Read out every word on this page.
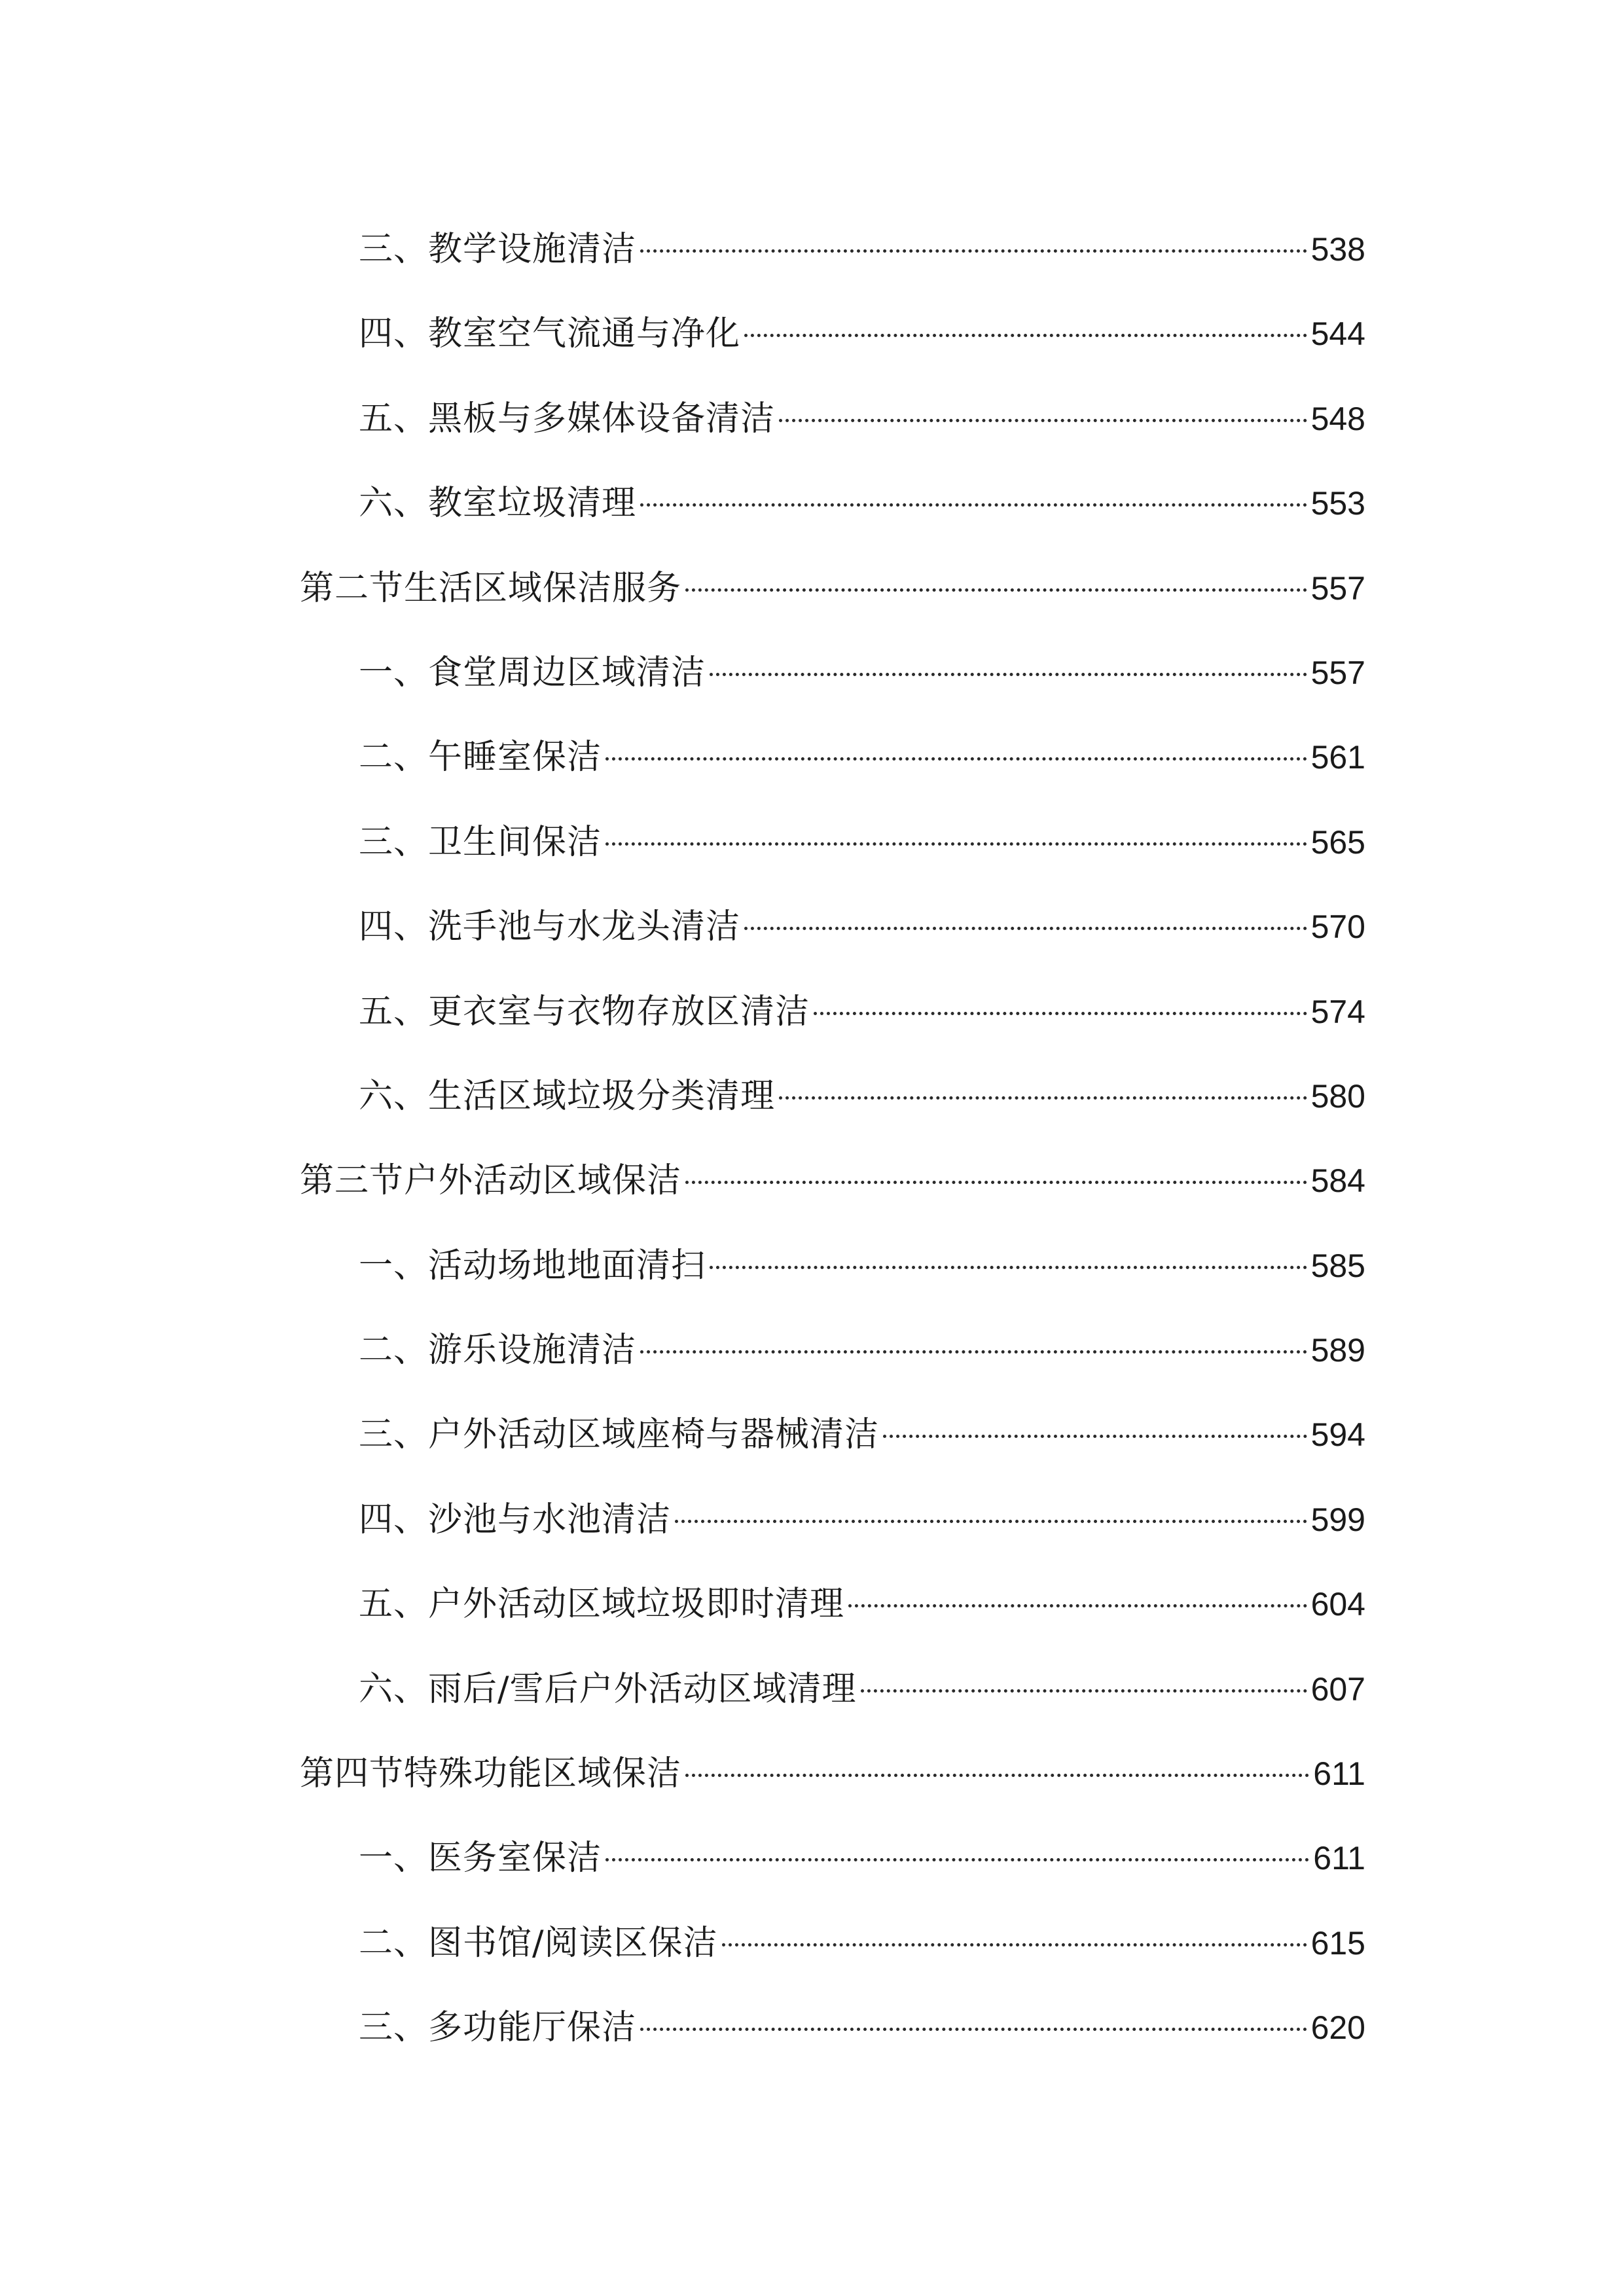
三、教学设施清洁	538
四、教室空气流通与净化	544
五、黑板与多媒体设备清洁	548
六、教室垃圾清理	553
第二节生活区域保洁服务	557
一、食堂周边区域清洁	557
二、午睡室保洁	561
三、卫生间保洁	565
四、洗手池与水龙头清洁	570
五、更衣室与衣物存放区清洁	574
六、生活区域垃圾分类清理	580
第三节户外活动区域保洁	584
一、活动场地地面清扫	585
二、游乐设施清洁	589
三、户外活动区域座椅与器械清洁	594
四、沙池与水池清洁	599
五、户外活动区域垃圾即时清理	604
六、雨后/雪后户外活动区域清理	607
第四节特殊功能区域保洁	611
一、医务室保洁	611
二、图书馆/阅读区保洁	615
三、多功能厅保洁	620
